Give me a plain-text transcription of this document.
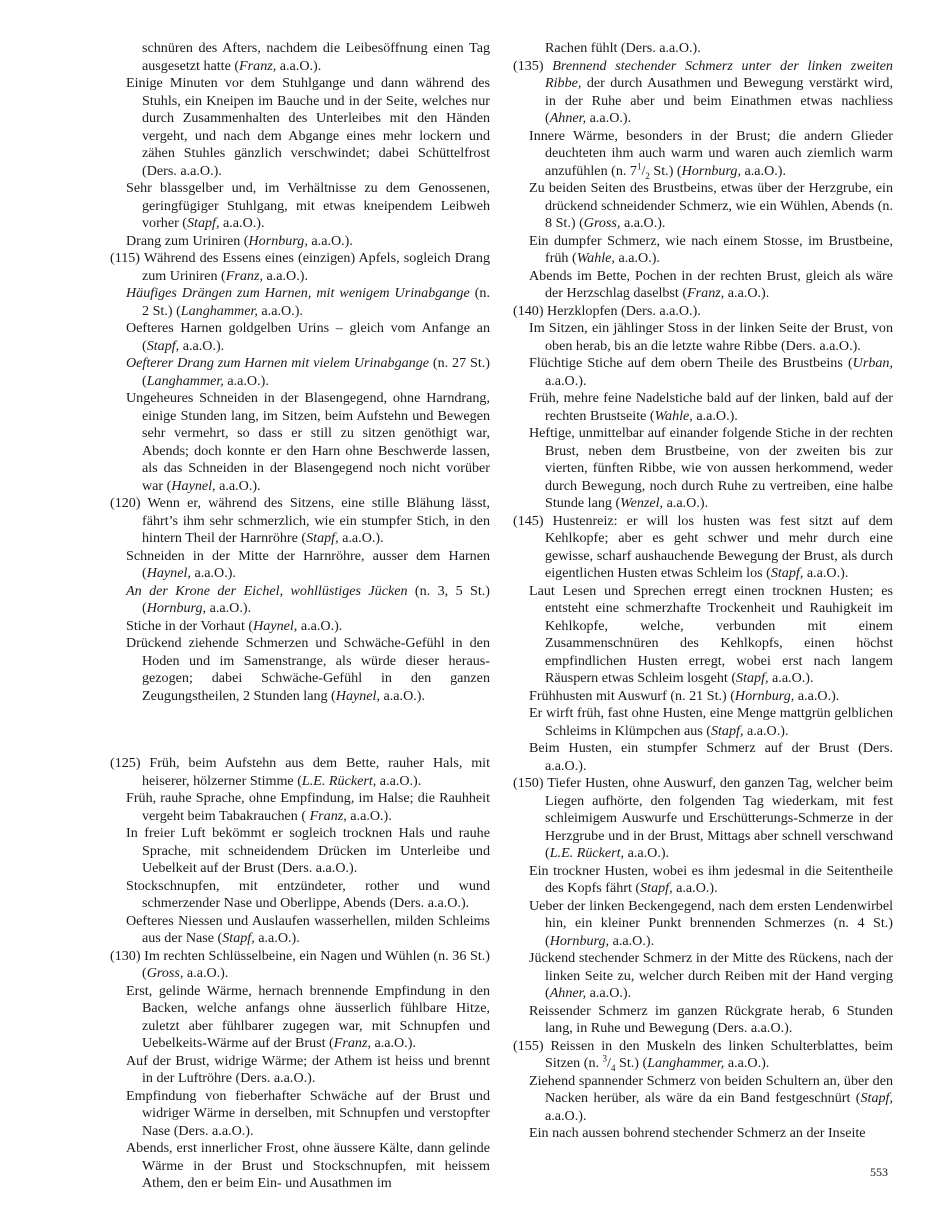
schnüren des Afters, nachdem die Leibesöffnung einen Tag ausgesetzt hatte (Franz, a.a.O.).

Einige Minuten vor dem Stuhlgange und dann während des Stuhls, ein Kneipen im Bauche und in der Seite, welches nur durch Zusammenhalten des Unterleibes mit den Händen vergeht, und nach dem Abgange eines mehr lockern und zähen Stuhles gänzlich verschwindet; dabei Schüttelfrost (Ders. a.a.O.).

Sehr blassgelber und, im Verhältnisse zu dem Genossenen, geringfügiger Stuhlgang, mit etwas kneipendem Leibweh vorher (Stapf, a.a.O.).

Drang zum Uriniren (Hornburg, a.a.O.).

(115) Während des Essens eines (einzigen) Apfels, sogleich Drang zum Uriniren (Franz, a.a.O.).

Häufiges Drängen zum Harnen, mit wenigem Urinabgange (n. 2 St.) (Langhammer, a.a.O.).

Oefteres Harnen goldgelben Urins – gleich vom Anfange an (Stapf, a.a.O.).

Oefterer Drang zum Harnen mit vielem Urinabgange (n. 27 St.) (Langhammer, a.a.O.).

Ungeheures Schneiden in der Blasengegend, ohne Harndrang, einige Stunden lang, im Sitzen, beim Aufstehn und Bewegen sehr vermehrt, so dass er still zu sitzen genöthigt war, Abends; doch konnte er den Harn ohne Beschwerde lassen, als das Schneiden in der Blasengegend noch nicht vorüber war (Haynel, a.a.O.).

(120) Wenn er, während des Sitzens, eine stille Blähung lässt, fährt’s ihm sehr schmerzlich, wie ein stumpfer Stich, in den hintern Theil der Harnröhre (Stapf, a.a.O.).

Schneiden in der Mitte der Harnröhre, ausser dem Harnen (Haynel, a.a.O.).

An der Krone der Eichel, wohllüstiges Jücken (n. 3, 5 St.) (Hornburg, a.a.O.).

Stiche in der Vorhaut (Haynel, a.a.O.).

Drückend ziehende Schmerzen und Schwäche-Gefühl in den Hoden und im Samenstrange, als würde dieser herausgezogen; dabei Schwäche-Gefühl in den ganzen Zeugungstheilen, 2 Stunden lang (Haynel, a.a.O.).

(125) Früh, beim Aufstehn aus dem Bette, rauher Hals, mit heiserer, hölzerner Stimme (L.E. Rückert, a.a.O.).

Früh, rauhe Sprache, ohne Empfindung, im Halse; die Rauhheit vergeht beim Tabakrauchen ( Franz, a.a.O.).

In freier Luft bekömmt er sogleich trocknen Hals und rauhe Sprache, mit schneidendem Drücken im Unterleibe und Uebelkeit auf der Brust (Ders. a.a.O.).

Stockschnupfen, mit entzündeter, rother und wund schmerzender Nase und Oberlippe, Abends (Ders. a.a.O.).

Oefteres Niessen und Auslaufen wasserhellen, milden Schleims aus der Nase (Stapf, a.a.O.).

(130) Im rechten Schlüsselbeine, ein Nagen und Wühlen (n. 36 St.) (Gross, a.a.O.).

Erst, gelinde Wärme, hernach brennende Empfindung in den Backen, welche anfangs ohne äusserlich fühlbare Hitze, zuletzt aber fühlbarer zugegen war, mit Schnupfen und Uebelkeits-Wärme auf der Brust (Franz, a.a.O.).

Auf der Brust, widrige Wärme; der Athem ist heiss und brennt in der Luftröhre (Ders. a.a.O.).

Empfindung von fieberhafter Schwäche auf der Brust und widriger Wärme in derselben, mit Schnupfen und verstopfter Nase (Ders. a.a.O.).

Abends, erst innerlicher Frost, ohne äussere Kälte, dann gelinde Wärme in der Brust und Stockschnupfen, mit heissem Athem, den er beim Ein- und Ausathmen im

Rachen fühlt (Ders. a.a.O.).

(135) Brennend stechender Schmerz unter der linken zweiten Ribbe, der durch Ausathmen und Bewegung verstärkt wird, in der Ruhe aber und beim Einathmen etwas nachliess (Ahner, a.a.O.).

Innere Wärme, besonders in der Brust; die andern Glieder deuchteten ihm auch warm und waren auch ziemlich warm anzufühlen (n. $7^1/_2$ St.) (Hornburg, a.a.O.).

Zu beiden Seiten des Brustbeins, etwas über der Herzgrube, ein drückend schneidender Schmerz, wie ein Wühlen, Abends (n. 8 St.) (Gross, a.a.O.).

Ein dumpfer Schmerz, wie nach einem Stosse, im Brustbeine, früh (Wahle, a.a.O.).

Abends im Bette, Pochen in der rechten Brust, gleich als wäre der Herzschlag daselbst (Franz, a.a.O.).

(140) Herzklopfen (Ders. a.a.O.).

Im Sitzen, ein jählinger Stoss in der linken Seite der Brust, von oben herab, bis an die letzte wahre Ribbe (Ders. a.a.O.).

Flüchtige Stiche auf dem obern Theile des Brustbeins (Urban, a.a.O.).

Früh, mehre feine Nadelstiche bald auf der linken, bald auf der rechten Brustseite (Wahle, a.a.O.).

Heftige, unmittelbar auf einander folgende Stiche in der rechten Brust, neben dem Brustbeine, von der zweiten bis zur vierten, fünften Ribbe, wie von aussen herkommend, weder durch Bewegung, noch durch Ruhe zu vertreiben, eine halbe Stunde lang (Wenzel, a.a.O.).

(145) Hustenreiz: er will los husten was fest sitzt auf dem Kehlkopfe; aber es geht schwer und mehr durch eine gewisse, scharf aushauchende Bewegung der Brust, als durch eigentlichen Husten etwas Schleim los (Stapf, a.a.O.).

Laut Lesen und Sprechen erregt einen trocknen Husten; es entsteht eine schmerzhafte Trockenheit und Rauhigkeit im Kehlkopfe, welche, verbunden mit einem Zusammenschnüren des Kehlkopfs, einen höchst empfindlichen Husten erregt, wobei erst nach langem Räuspern etwas Schleim losgeht (Stapf, a.a.O.).

Frühhusten mit Auswurf (n. 21 St.) (Hornburg, a.a.O.).

Er wirft früh, fast ohne Husten, eine Menge mattgrün gelblichen Schleims in Klümpchen aus (Stapf, a.a.O.).

Beim Husten, ein stumpfer Schmerz auf der Brust (Ders. a.a.O.).

(150) Tiefer Husten, ohne Auswurf, den ganzen Tag, welcher beim Liegen aufhörte, den folgenden Tag wiederkam, mit fest schleimigem Auswurfe und Erschütterungs-Schmerze in der Herzgrube und in der Brust, Mittags aber schnell verschwand (L.E. Rückert, a.a.O.).

Ein trockner Husten, wobei es ihm jedesmal in die Seitentheile des Kopfs fährt (Stapf, a.a.O.).

Ueber der linken Beckengegend, nach dem ersten Lendenwirbel hin, ein kleiner Punkt brennenden Schmerzes (n. 4 St.) (Hornburg, a.a.O.).

Jückend stechender Schmerz in der Mitte des Rückens, nach der linken Seite zu, welcher durch Reiben mit der Hand verging (Ahner, a.a.O.).

Reissender Schmerz im ganzen Rückgrate herab, 6 Stunden lang, in Ruhe und Bewegung (Ders. a.a.O.).

(155) Reissen in den Muskeln des linken Schulterblattes, beim Sitzen (n. $^3/_4$ St.) (Langhammer, a.a.O.).

Ziehend spannender Schmerz von beiden Schultern an, über den Nacken herüber, als wäre da ein Band festgeschnürt (Stapf, a.a.O.).

Ein nach aussen bohrend stechender Schmerz an der Inseite

553
